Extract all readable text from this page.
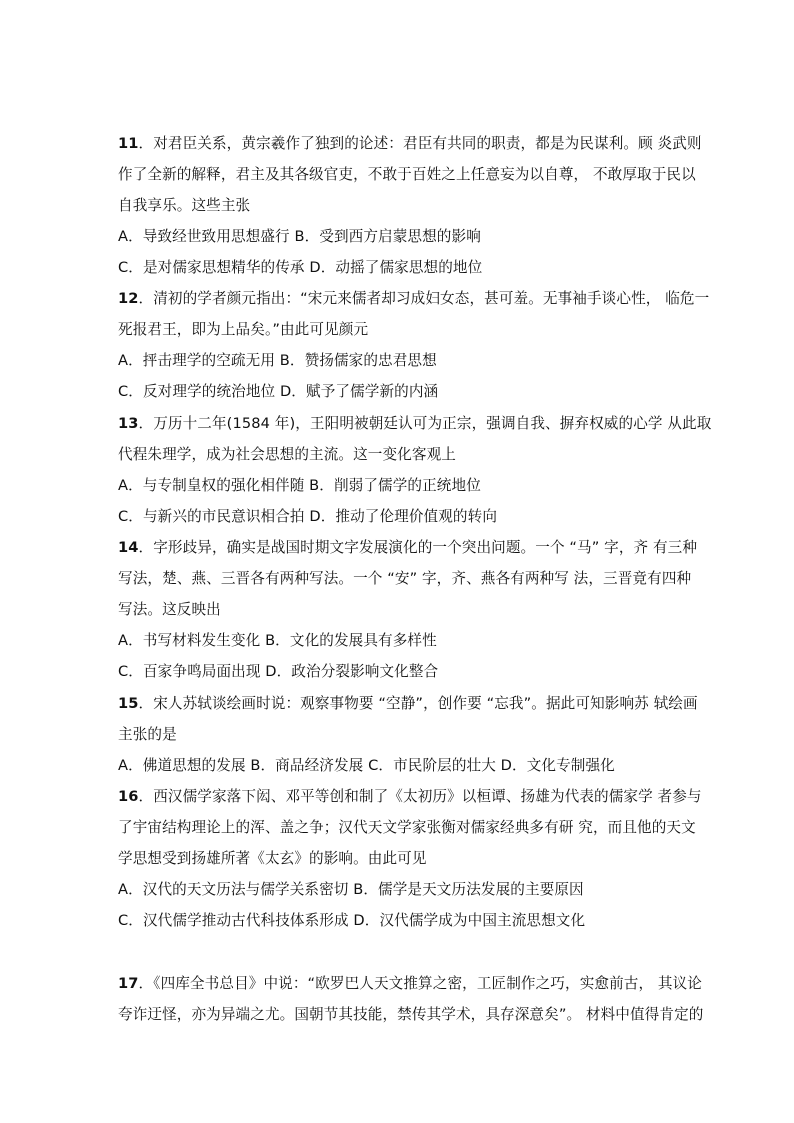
11．对君臣关系，黄宗羲作了独到的论述：君臣有共同的职责，都是为民谋利。顾 炎武则
作了全新的解释，君主及其各级官吏，不敢于百姓之上任意妄为以自尊， 不敢厚取于民以
自我享乐。这些主张
A．导致经世致用思想盛行 B．受到西方启蒙思想的影响
C．是对儒家思想精华的传承 D．动摇了儒家思想的地位
12．清初的学者颜元指出：“宋元来儒者却习成妇女态，甚可羞。无事袖手谈心性， 临危一
死报君王，即为上品矣。”由此可见颜元
A．抨击理学的空疏无用 B．赞扬儒家的忠君思想
C．反对理学的统治地位 D．赋予了儒学新的内涵
13．万历十二年(1584 年)，王阳明被朝廷认可为正宗，强调自我、摒弃权威的心学 从此取
代程朱理学，成为社会思想的主流。这一变化客观上
A．与专制皇权的强化相伴随 B．削弱了儒学的正统地位
C．与新兴的市民意识相合拍 D．推动了伦理价值观的转向
14．字形歧异，确实是战国时期文字发展演化的一个突出问题。一个 “马” 字，齐 有三种
写法，楚、燕、三晋各有两种写法。一个 “安” 字，齐、燕各有两种写 法，三晋竟有四种
写法。这反映出
A．书写材料发生变化 B．文化的发展具有多样性
C．百家争鸣局面出现 D．政治分裂影响文化整合
15．宋人苏轼谈绘画时说：观察事物要 “空静”，创作要 “忘我”。据此可知影响苏 轼绘画
主张的是
A．佛道思想的发展 B．商品经济发展 C．市民阶层的壮大 D．文化专制强化
16．西汉儒学家落下闳、邓平等创和制了《太初历》以桓谭、扬雄为代表的儒家学 者参与
了宇宙结构理论上的浑、盖之争；汉代天文学家张衡对儒家经典多有研 究，而且他的天文
学思想受到扬雄所著《太玄》的影响。由此可见
A．汉代的天文历法与儒学关系密切 B．儒学是天文历法发展的主要原因
C．汉代儒学推动古代科技体系形成 D．汉代儒学成为中国主流思想文化
17．《四库全书总目》中说：“欧罗巴人天文推算之密，工匠制作之巧，实愈前古， 其议论
夸诈迂怪，亦为异端之尤。国朝节其技能，禁传其学术，具存深意矣”。 材料中值得肯定的
